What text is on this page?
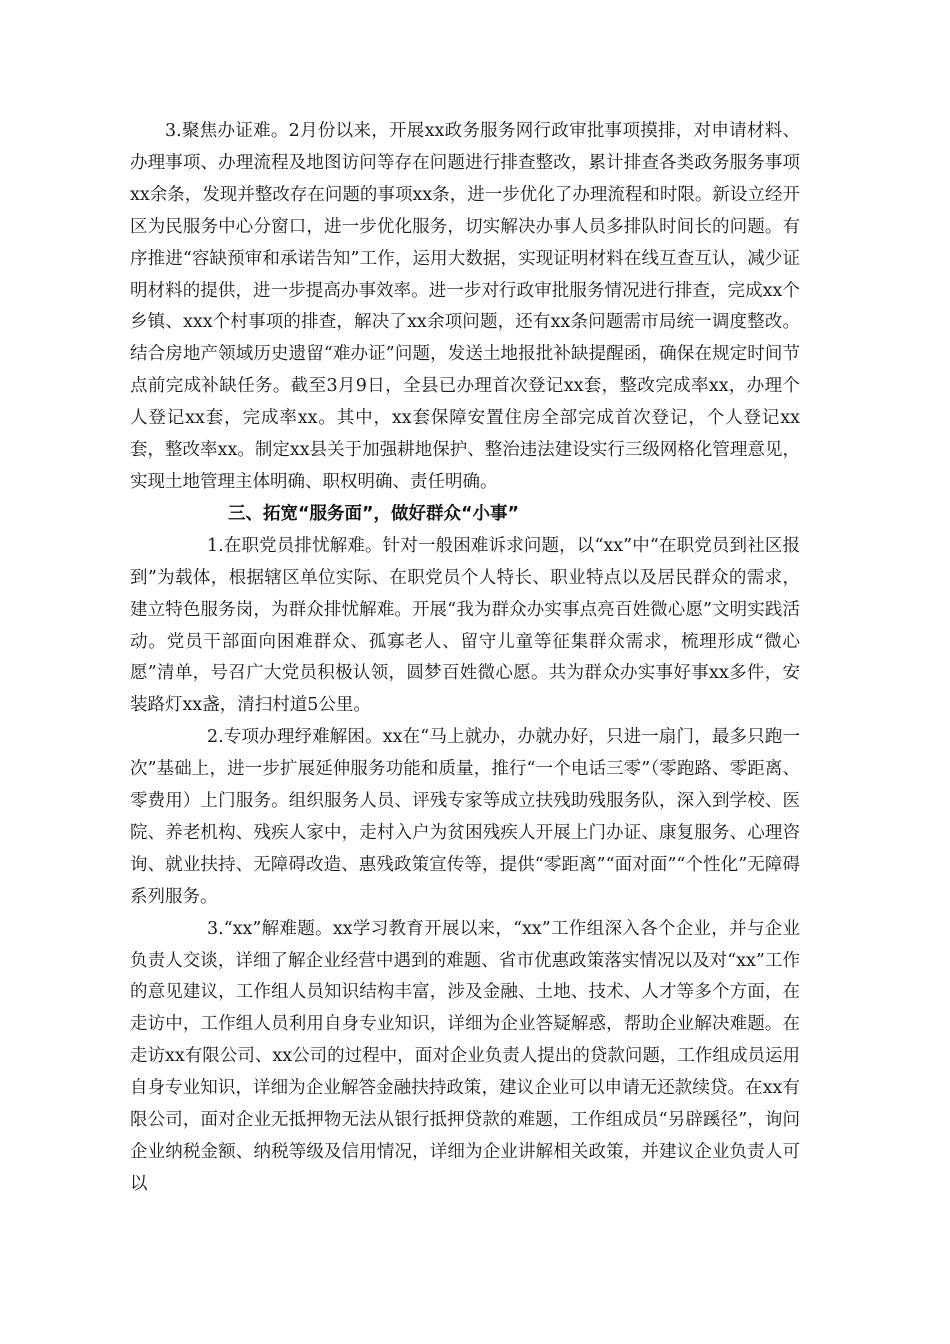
3.聚焦办证难。2月份以来，开展xx政务服务网行政审批事项摸排，对申请材料、办理事项、办理流程及地图访问等存在问题进行排查整改，累计排查各类政务服务事项xx余条，发现并整改存在问题的事项xx条，进一步优化了办理流程和时限。新设立经开区为民服务中心分窗口，进一步优化服务，切实解决办事人员多排队时间长的问题。有序推进“容缺预审和承诺告知”工作，运用大数据，实现证明材料在线互查互认，减少证明材料的提供，进一步提高办事效率。进一步对行政审批服务情况进行排查，完成xx个乡镇、xxx个村事项的排查，解决了xx余项问题，还有xx条问题需市局统一调度整改。结合房地产领域历史遗留“难办证”问题，发送土地报批补缺提醒函，确保在规定时间节点前完成补缺任务。截至3月9日，全县已办理首次登记xx套，整改完成率xx，办理个人登记xx套，完成率xx。其中，xx套保障安置住房全部完成首次登记，个人登记xx套，整改率xx。制定xx县关于加强耕地保护、整治违法建设实行三级网格化管理意见，实现土地管理主体明确、职权明确、责任明确。

三、拓宽“服务面”，做好群众“小事”

1.在职党员排忧解难。针对一般困难诉求问题，以“xx”中“在职党员到社区报到”为载体，根据辖区单位实际、在职党员个人特长、职业特点以及居民群众的需求，建立特色服务岗，为群众排忧解难。开展“我为群众办实事点亮百姓微心愿”文明实践活动。党员干部面向困难群众、孤寡老人、留守儿童等征集群众需求，梳理形成“微心愿”清单，号召广大党员积极认领，圆梦百姓微心愿。共为群众办实事好事xx多件，安装路灯xx盏，清扫村道5公里。

2.专项办理纾难解困。xx在“马上就办，办就办好，只进一扇门，最多只跑一次”基础上，进一步扩展延伸服务功能和质量，推行“一个电话三零”（零跑路、零距离、零费用）上门服务。组织服务人员、评残专家等成立扶残助残服务队，深入到学校、医院、养老机构、残疾人家中，走村入户为贫困残疾人开展上门办证、康复服务、心理咨询、就业扶持、无障碍改造、惠残政策宣传等，提供“零距离”“面对面”“个性化”无障碍系列服务。

3.“xx”解难题。xx学习教育开展以来，“xx”工作组深入各个企业，并与企业负责人交谈，详细了解企业经营中遇到的难题、省市优惠政策落实情况以及对“xx”工作的意见建议，工作组人员知识结构丰富，涉及金融、土地、技术、人才等多个方面，在走访中，工作组人员利用自身专业知识，详细为企业答疑解惑，帮助企业解决难题。在走访xx有限公司、xx公司的过程中，面对企业负责人提出的贷款问题，工作组成员运用自身专业知识，详细为企业解答金融扶持政策，建议企业可以申请无还款续贷。在xx有限公司，面对企业无抵押物无法从银行抵押贷款的难题，工作组成员“另辟蹊径”，询问企业纳税金额、纳税等级及信用情况，详细为企业讲解相关政策，并建议企业负责人可以
